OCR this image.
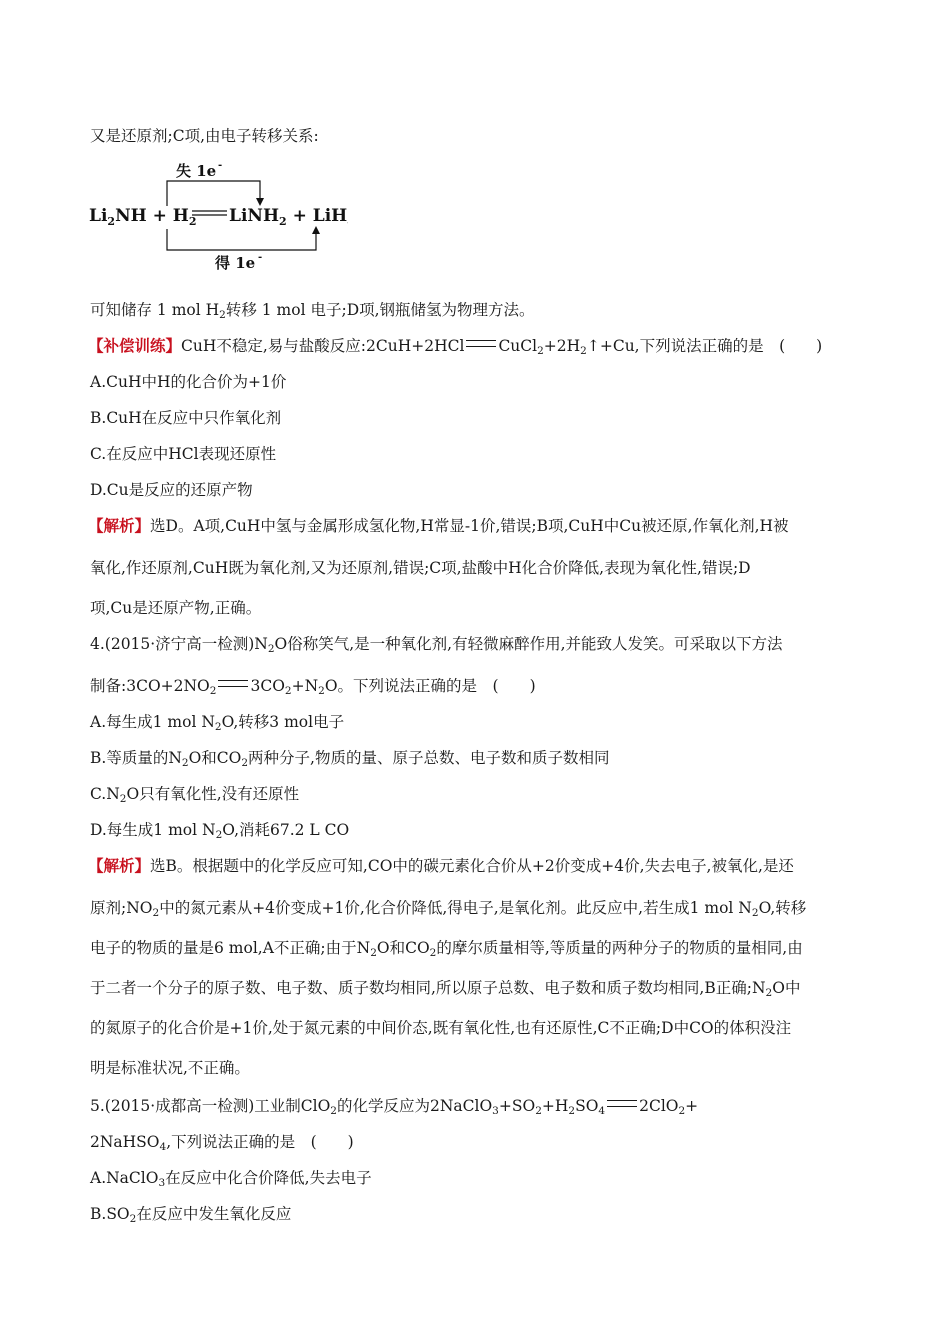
又是还原剂;C项,由电子转移关系:
失 1e -
$Li_2NH + H_2$ LiNH$_2$ + LiH,
得 1e -
可知储存 1 mol $H_2$转移 1 mol 电子;D项,钢瓶储氢为物理方法。
【补偿训练】CuH不稳定,易与盐酸反应:2CuH+2HCl $CuCl_2+2H_2↑+Cu$,下列说法正确的是　(　　)
A.CuH中H的化合价为+1价
B.CuH在反应中只作氧化剂
C.在反应中HCl表现还原性
D.Cu是反应的还原产物
【解析】选D。A项,CuH中氢与金属形成氢化物,H常显-1价,错误;B项,CuH中Cu被还原,作氧化剂,H被
氧化,作还原剂,CuH既为氧化剂,又为还原剂,错误;C项,盐酸中H化合价降低,表现为氧化性,错误;D
项,Cu是还原产物,正确。
4.(2015·济宁高一检测)$N_2O$俗称笑气,是一种氧化剂,有轻微麻醉作用,并能致人发笑。可采取以下方法
制备$:3CO+2NO_2$ $3CO_2+N_2O$。下列说法正确的是　(　　)
A.每生成1 mol $N_2O$,转移3 mol电子
B.等质量的$N_2O$和$CO_2$两种分子,物质的量、原子总数、电子数和质子数相同
$C.N_2O$只有氧化性,没有还原性
D.每生成1 mol $N_2O$,消耗67.2 L CO
【解析】选B。根据题中的化学反应可知,CO中的碳元素化合价从+2价变成+4价,失去电子,被氧化,是还
原剂$;NO_2$中的氮元素从+4价变成+1价,化合价降低,得电子,是氧化剂。此反应中,若生成1 mol $N_2O$,转移
电子的物质的量是6 mol,A不正确;由于$N_2O$和$CO_2$的摩尔质量相等,等质量的两种分子的物质的量相同,由
于二者一个分子的原子数、电子数、质子数均相同,所以原子总数、电子数和质子数均相同,B正确$;N_2O$中
的氮原子的化合价是+1价,处于氮元素的中间价态,既有氧化性,也有还原性,C不正确;D中CO的体积没注
明是标准状况,不正确。
5.(2015·成都高一检测)工业制ClO$_2$的化学反应为$2NaClO_3+SO_2+H_2SO_4$ 2ClO$_2$+
2NaHSO$_4$,下列说法正确的是　(　　)
A.NaClO$_3$在反应中化合价降低,失去电子
$B.SO_2$在反应中发生氧化反应
